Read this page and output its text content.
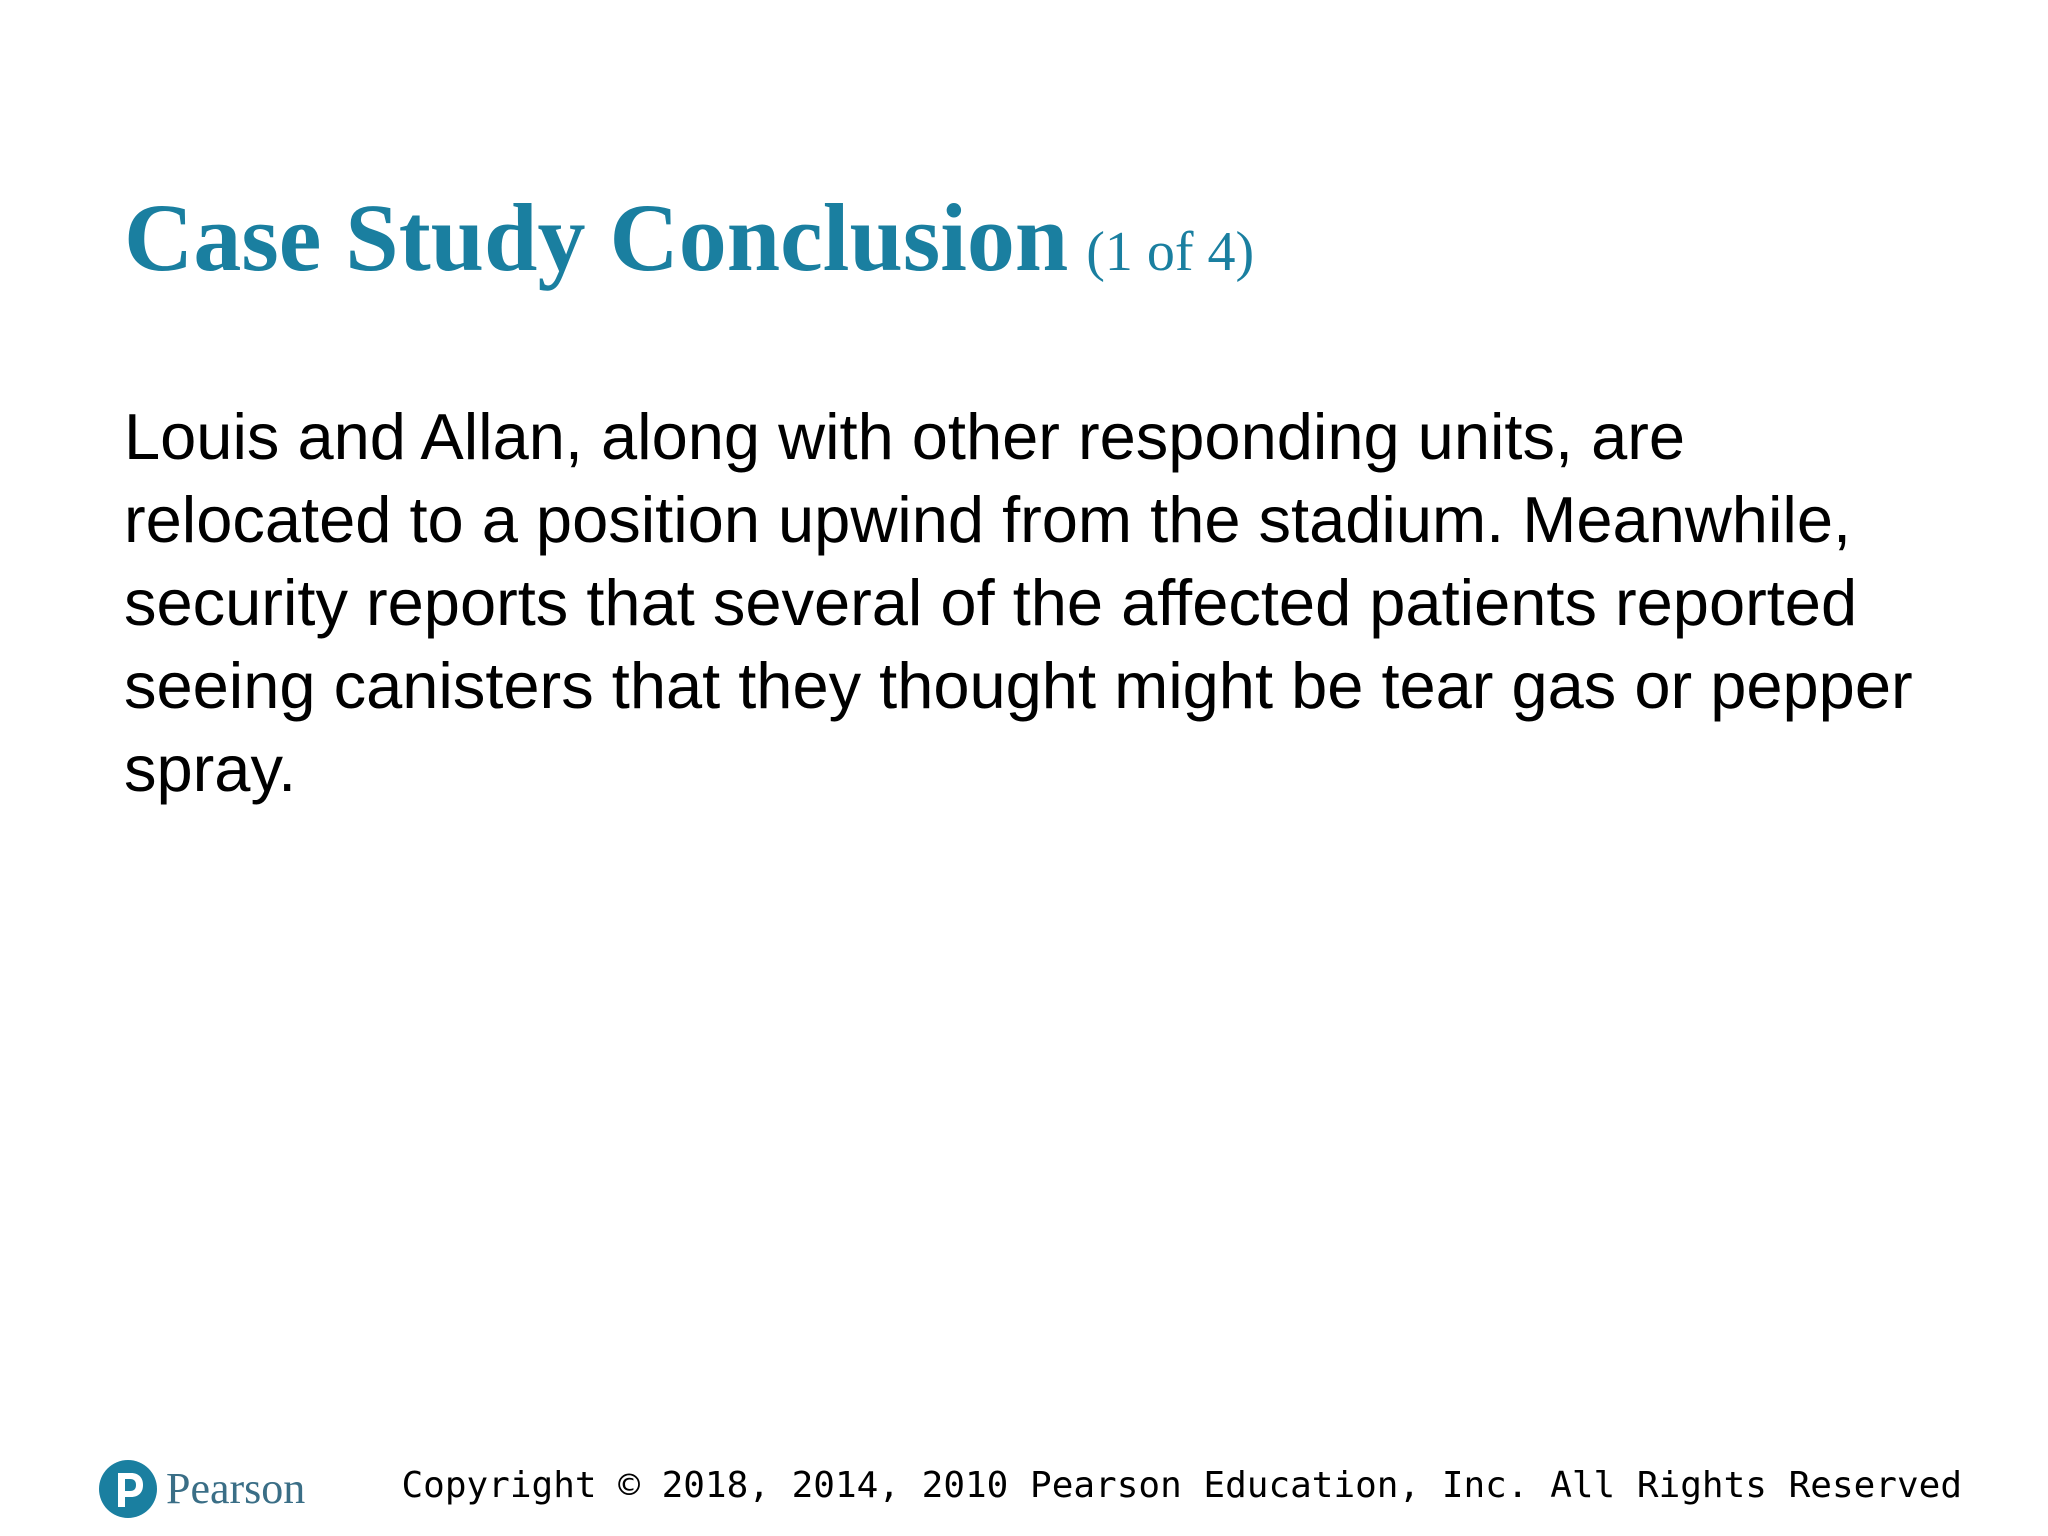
Case Study Conclusion (1 of 4)

Louis and Allan, along with other responding units, are relocated to a position upwind from the stadium. Meanwhile, security reports that several of the affected patients reported seeing canisters that they thought might be tear gas or pepper spray.

Pearson	Copyright © 2018, 2014, 2010 Pearson Education, Inc. All Rights Reserved
